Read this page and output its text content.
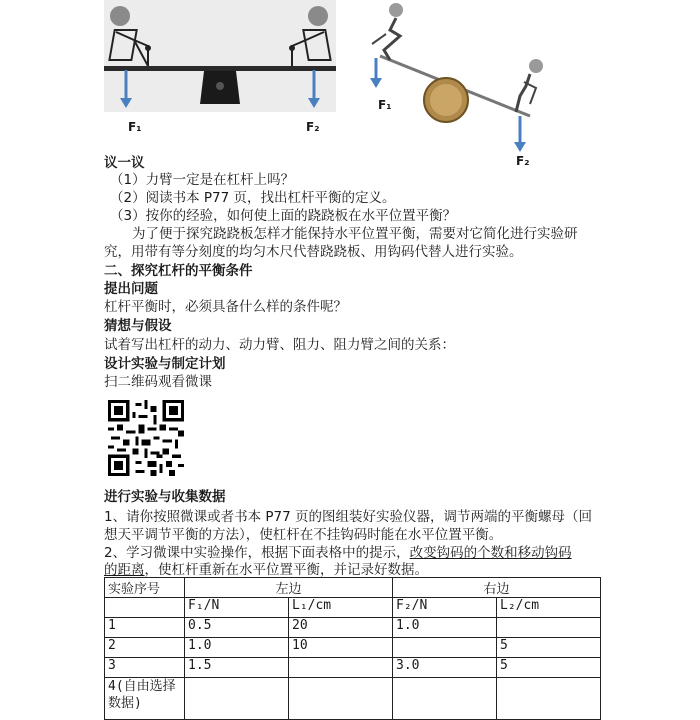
F₁	F₂
F₁
F₂
议一议
（1）力臂一定是在杠杆上吗？
（2）阅读书本 P77 页，找出杠杆平衡的定义。
（3）按你的经验，如何使上面的跷跷板在水平位置平衡？
为了便于探究跷跷板怎样才能保持水平位置平衡，需要对它简化进行实验研
究，用带有等分刻度的均匀木尺代替跷跷板、用钩码代替人进行实验。
二、探究杠杆的平衡条件
提出问题
杠杆平衡时，必须具备什么样的条件呢？
猜想与假设
试着写出杠杆的动力、动力臂、阻力、阻力臂之间的关系：
设计实验与制定计划
扫二维码观看微课
进行实验与收集数据
1、请你按照微课或者书本 P77 页的图组装好实验仪器，调节两端的平衡螺母（回
想天平调节平衡的方法），使杠杆在不挂钩码时能在水平位置平衡。
2、学习微课中实验操作，根据下面表格中的提示，改变钩码的个数和移动钩码
的距离，使杠杆重新在水平位置平衡，并记录好数据。
实验序号	左边		右边	
	F₁/N	L₁/cm	F₂/N	L₂/cm
1	0.5	20	1.0	
2	1.0	10		5
3	1.5		3.0	5
4(自由选择数据)				
